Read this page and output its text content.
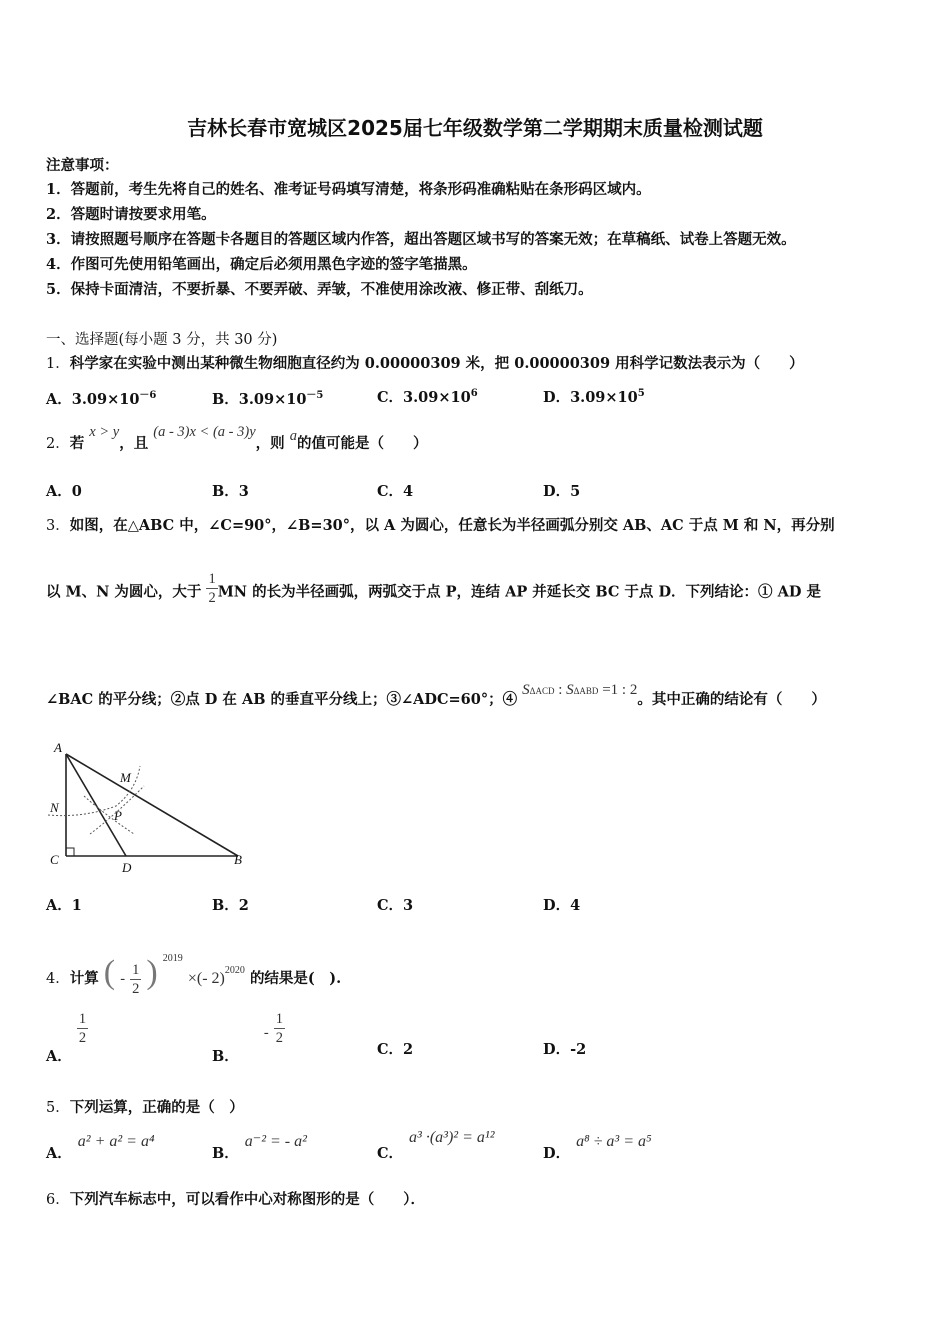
吉林长春市宽城区2025届七年级数学第二学期期末质量检测试题
注意事项：
1．答题前，考生先将自己的姓名、准考证号码填写清楚，将条形码准确粘贴在条形码区域内。
2．答题时请按要求用笔。
3．请按照题号顺序在答题卡各题目的答题区域内作答，超出答题区域书写的答案无效；在草稿纸、试卷上答题无效。
4．作图可先使用铅笔画出，确定后必须用黑色字迹的签字笔描黑。
5．保持卡面清洁，不要折暴、不要弄破、弄皱，不准使用涂改液、修正带、刮纸刀。
一、选择题(每小题 3 分，共 30 分)
1．科学家在实验中测出某种微生物细胞直径约为 0.00000309 米，把 0.00000309 用科学记数法表示为（　　）
A．$3.09\times 10^{-6}$	B．$3.09\times 10^{-5}$	C．$3.09\times 10^6$	D．$3.09\times 10^5$
2．若 x > y，且 (a - 3)x < (a - 3)y，则 a的值可能是（　　）
A．0	B．3	C．4	D．5
3．如图，在△ABC 中，∠C=90°，∠B=30°，以 A 为圆心，任意长为半径画弧分别交 AB、AC 于点 M 和 N，再分别
以 M、N 为圆心，大于 $\frac{1}{2}$ MN 的长为半径画弧，两弧交于点 P，连结 AP 并延长交 BC 于点 D．下列结论：① AD 是
∠BAC 的平分线；②点 D 在 AB 的垂直平分线上；③∠ADC=60°；④ SΔACD : SΔABD =1 : 2。其中正确的结论有（　　）
A
M
N
P
C
D
B
A．1	B．2	C．3	D．4
4．计算 ( - $\frac{1}{2}$ ) 2019 ×(- $2)_{2020}$ 的结果是(　).
A．
$\frac{1}{2}$
B． - $\frac{1}{2}$
C．2	D．-2
5．下列运算，正确的是（　）
A．a² + a² = a⁴
B．a⁻² = - a²
C．a³ ·(a³)² = a¹²
D．a⁸ ÷ a³ = a⁵
6．下列汽车标志中，可以看作中心对称图形的是（　　）．
